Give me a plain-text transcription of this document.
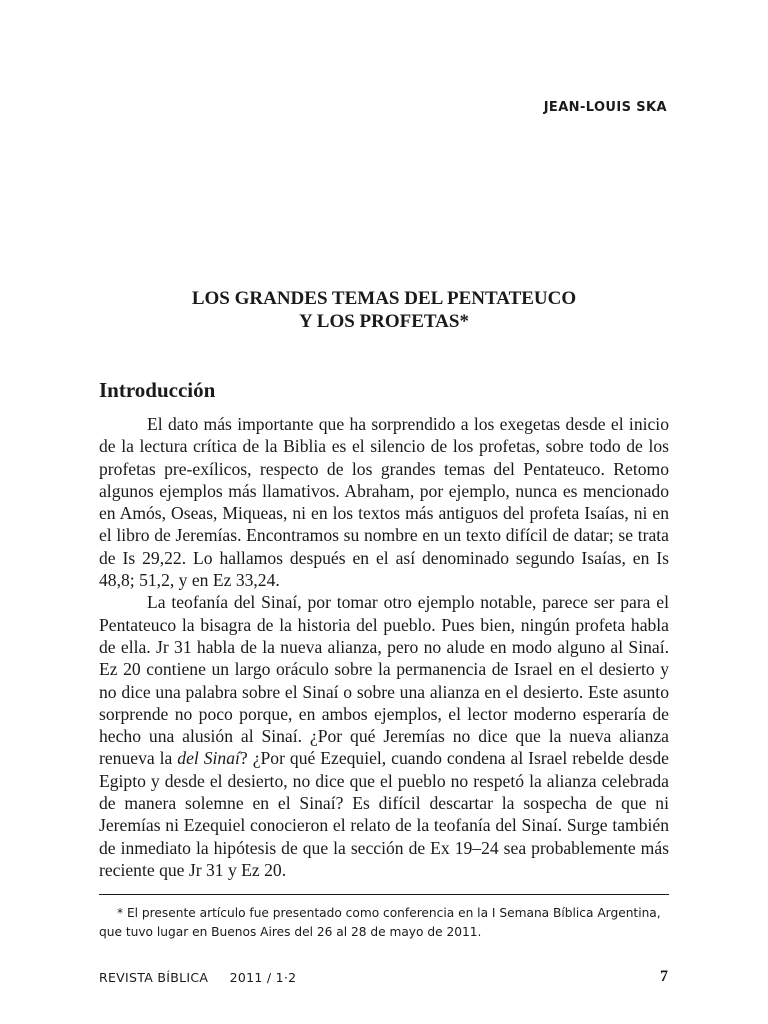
JEAN-LOUIS SKA
LOS GRANDES TEMAS DEL PENTATEUCO
Y LOS PROFETAS*
Introducción

El dato más importante que ha sorprendido a los exegetas desde el inicio de la lectura crítica de la Biblia es el silencio de los profetas, sobre todo de los profetas pre-exílicos, respecto de los grandes temas del Pentateuco. Retomo algunos ejemplos más llamativos. Abraham, por ejemplo, nunca es mencionado en Amós, Oseas, Miqueas, ni en los textos más antiguos del profeta Isaías, ni en el libro de Jeremías. Encontramos su nombre en un texto difícil de datar; se trata de Is 29,22. Lo hallamos después en el así denominado segundo Isaías, en Is 48,8; 51,2, y en Ez 33,24.

La teofanía del Sinaí, por tomar otro ejemplo notable, parece ser para el Pentateuco la bisagra de la historia del pueblo. Pues bien, ningún profeta habla de ella. Jr 31 habla de la nueva alianza, pero no alude en modo alguno al Sinaí. Ez 20 contiene un largo oráculo sobre la permanencia de Israel en el desierto y no dice una palabra sobre el Sinaí o sobre una alianza en el desierto. Este asunto sorprende no poco porque, en ambos ejemplos, el lector moderno esperaría de hecho una alusión al Sinaí. ¿Por qué Jeremías no dice que la nueva alianza renueva la del Sinaí? ¿Por qué Ezequiel, cuando condena al Israel rebelde desde Egipto y desde el desierto, no dice que el pueblo no respetó la alianza celebrada de manera solemne en el Sinaí? Es difícil descartar la sospecha de que ni Jeremías ni Ezequiel conocieron el relato de la teofanía del Sinaí. Surge también de inmediato la hipótesis de que la sección de Ex 19–24 sea probablemente más reciente que Jr 31 y Ez 20.

* El presente artículo fue presentado como conferencia en la I Semana Bíblica Argentina, que tuvo lugar en Buenos Aires del 26 al 28 de mayo de 2011.

REVISTA BÍBLICA     2011 / 1·2	7
